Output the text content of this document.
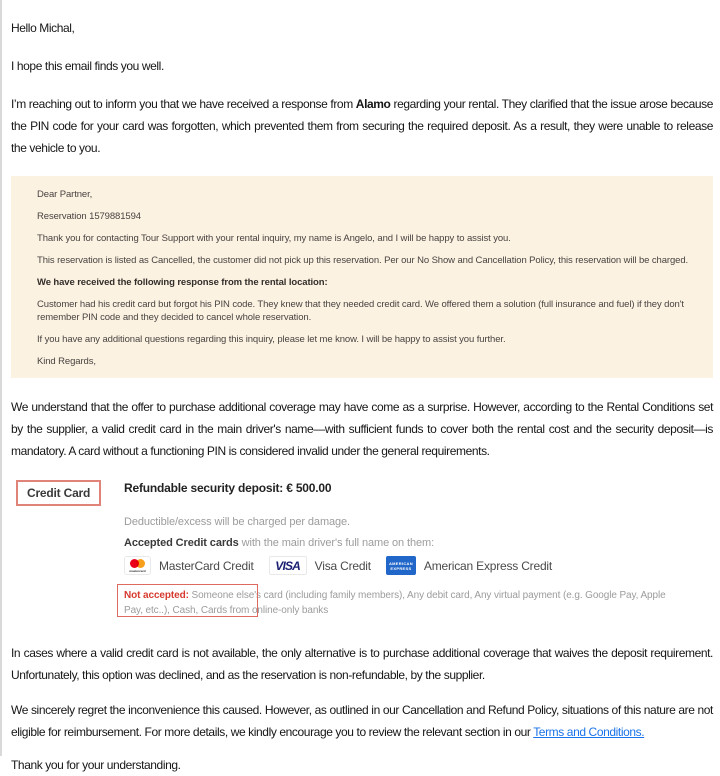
Hello Michal,

I hope this email finds you well.

I’m reaching out to inform you that we have received a response from Alamo regarding your rental. They clarified that the issue arose because the PIN code for your card was forgotten, which prevented them from securing the required deposit. As a result, they were unable to release the vehicle to you.

Dear Partner,

Reservation 1579881594

Thank you for contacting Tour Support with your rental inquiry, my name is Angelo, and I will be happy to assist you.

This reservation is listed as Cancelled, the customer did not pick up this reservation. Per our No Show and Cancellation Policy, this reservation will be charged.

We have received the following response from the rental location:

Customer had his credit card but forgot his PIN code. They knew that they needed credit card. We offered them a solution (full insurance and fuel) if they don't remember PIN code and they decided to cancel whole reservation.

If you have any additional questions regarding this inquiry, please let me know. I will be happy to assist you further.

Kind Regards,

We understand that the offer to purchase additional coverage may have come as a surprise. However, according to the Rental Conditions set by the supplier, a valid credit card in the main driver's name—with sufficient funds to cover both the rental cost and the security deposit—is mandatory. A card without a functioning PIN is considered invalid under the general requirements.

Credit Card	Refundable security deposit: € 500.00

Deductible/excess will be charged per damage.

Accepted Credit cards with the main driver's full name on them:

mastercard MasterCard Credit	VISA	Visa Credit	AMERICAN EXPRESS	American Express Credit
Not accepted: Someone else's card (including family members), Any debit card, Any virtual payment (e.g. Google Pay, Apple Pay, etc..), Cash, Cards from online-only banks

In cases where a valid credit card is not available, the only alternative is to purchase additional coverage that waives the deposit requirement. Unfortunately, this option was declined, and as the reservation is non-refundable, by the supplier.

We sincerely regret the inconvenience this caused. However, as outlined in our Cancellation and Refund Policy, situations of this nature are not eligible for reimbursement. For more details, we kindly encourage you to review the relevant section in our Terms and Conditions.

Thank you for your understanding.
